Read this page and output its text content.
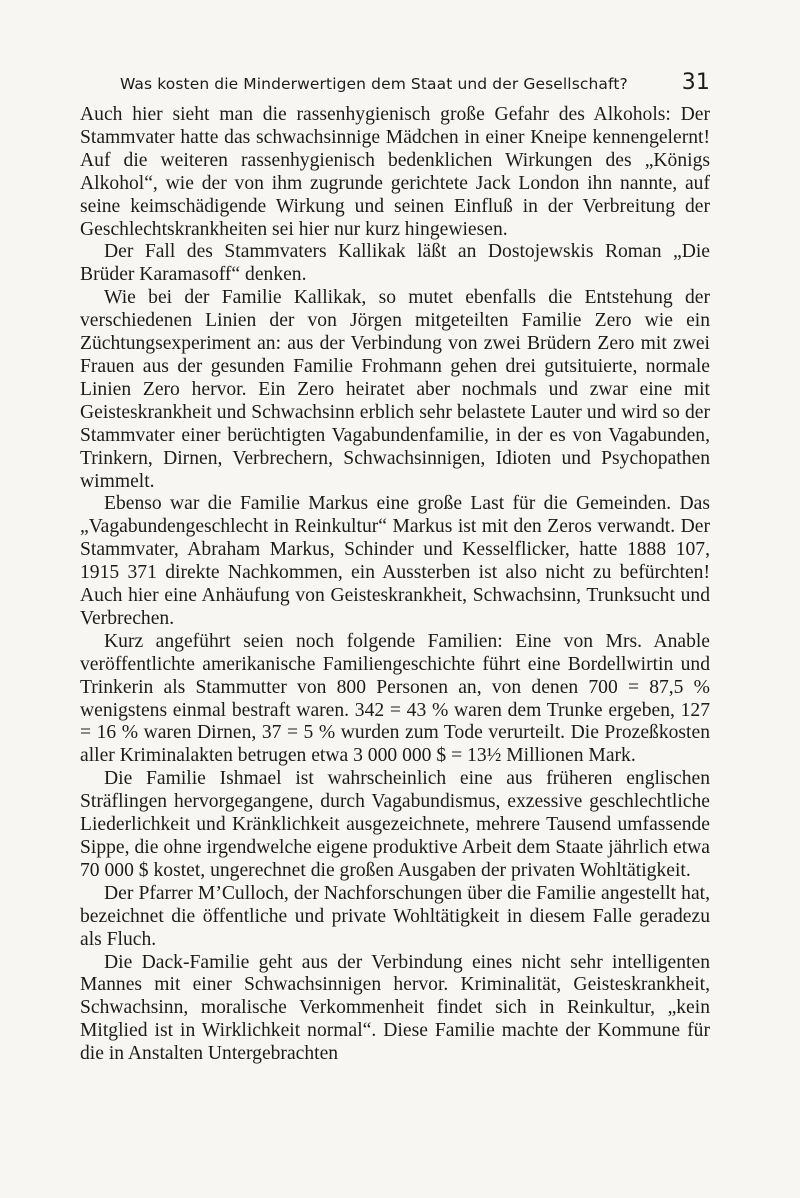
Was kosten die Minderwertigen dem Staat und der Gesellschaft? 31

Auch hier sieht man die rassenhygienisch große Gefahr des Alkohols: Der Stammvater hatte das schwachsinnige Mädchen in einer Kneipe kennengelernt! Auf die weiteren rassenhygienisch bedenklichen Wirkungen des „Königs Alkohol“, wie der von ihm zugrunde gerichtete Jack London ihn nannte, auf seine keimschädigende Wirkung und seinen Einfluß in der Verbreitung der Geschlechtskrankheiten sei hier nur kurz hingewiesen.

Der Fall des Stammvaters Kallikak läßt an Dostojewskis Roman „Die Brüder Karamasoff“ denken.

Wie bei der Familie Kallikak, so mutet ebenfalls die Entstehung der verschiedenen Linien der von Jörgen mitgeteilten Familie Zero wie ein Züchtungsexperiment an: aus der Verbindung von zwei Brüdern Zero mit zwei Frauen aus der gesunden Familie Frohmann gehen drei gutsituierte, normale Linien Zero hervor. Ein Zero heiratet aber nochmals und zwar eine mit Geisteskrankheit und Schwachsinn erblich sehr belastete Lauter und wird so der Stammvater einer berüchtigten Vagabundenfamilie, in der es von Vagabunden, Trinkern, Dirnen, Verbrechern, Schwachsinnigen, Idioten und Psychopathen wimmelt.

Ebenso war die Familie Markus eine große Last für die Gemeinden. Das „Vagabundengeschlecht in Reinkultur“ Markus ist mit den Zeros verwandt. Der Stammvater, Abraham Markus, Schinder und Kesselflicker, hatte 1888 107, 1915 371 direkte Nachkommen, ein Aussterben ist also nicht zu befürchten! Auch hier eine Anhäufung von Geisteskrankheit, Schwachsinn, Trunksucht und Verbrechen.

Kurz angeführt seien noch folgende Familien: Eine von Mrs. Anable veröffentlichte amerikanische Familiengeschichte führt eine Bordellwirtin und Trinkerin als Stammutter von 800 Personen an, von denen 700 = 87,5 % wenigstens einmal bestraft waren. 342 = 43 % waren dem Trunke ergeben, 127 = 16 % waren Dirnen, 37 = 5 % wurden zum Tode verurteilt. Die Prozeßkosten aller Kriminalakten betrugen etwa 3 000 000 $ = 13½ Millionen Mark.

Die Familie Ishmael ist wahrscheinlich eine aus früheren englischen Sträflingen hervorgegangene, durch Vagabundismus, exzessive geschlechtliche Liederlichkeit und Kränklichkeit ausgezeichnete, mehrere Tausend umfassende Sippe, die ohne irgendwelche eigene produktive Arbeit dem Staate jährlich etwa 70 000 $ kostet, ungerechnet die großen Ausgaben der privaten Wohltätigkeit.

Der Pfarrer M’Culloch, der Nachforschungen über die Familie angestellt hat, bezeichnet die öffentliche und private Wohltätigkeit in diesem Falle geradezu als Fluch.

Die Dack-Familie geht aus der Verbindung eines nicht sehr intelligenten Mannes mit einer Schwachsinnigen hervor. Kriminalität, Geisteskrankheit, Schwachsinn, moralische Verkommenheit findet sich in Reinkultur, „kein Mitglied ist in Wirklichkeit normal“. Diese Familie machte der Kommune für die in Anstalten Untergebrachten
